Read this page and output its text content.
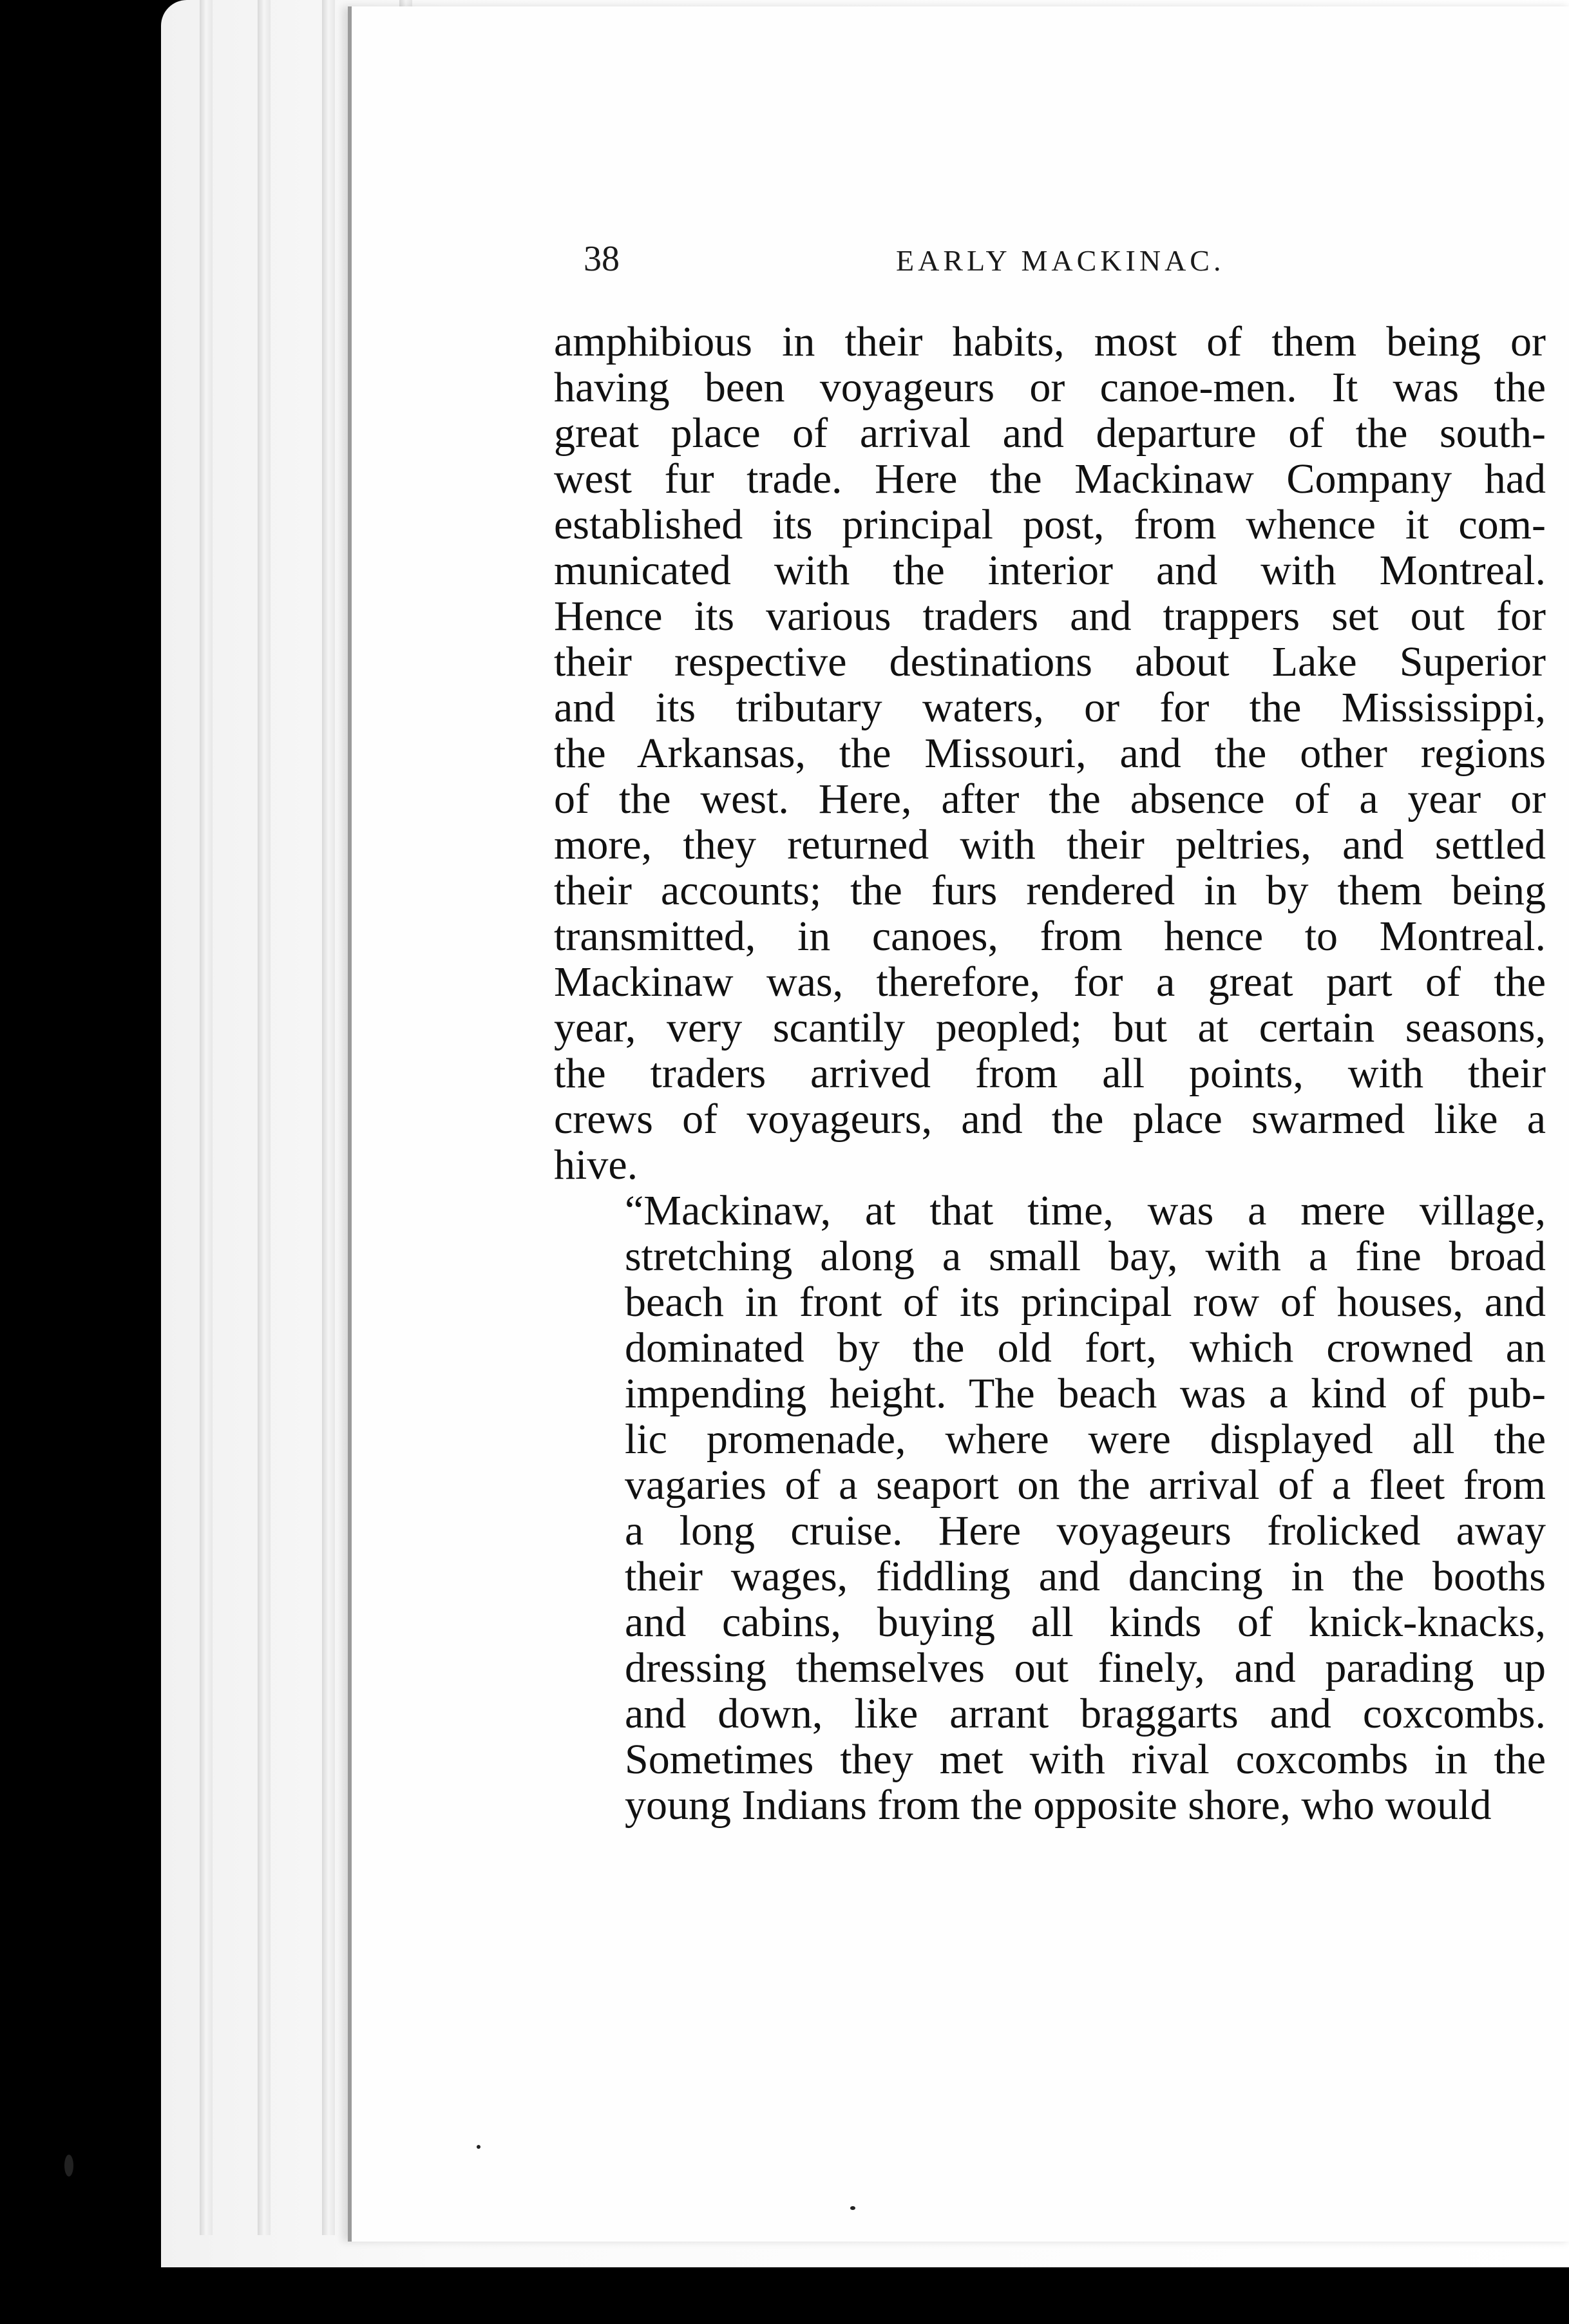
38	EARLY MACKINAC.

amphibious in their habits, most of them being or
having been voyageurs or canoe-men. It was the
great place of arrival and departure of the south-
west fur trade. Here the Mackinaw Company had
established its principal post, from whence it com-
municated with the interior and with Montreal.
Hence its various traders and trappers set out for
their respective destinations about Lake Superior
and its tributary waters, or for the Mississippi,
the Arkansas, the Missouri, and the other regions
of the west. Here, after the absence of a year or
more, they returned with their peltries, and settled
their accounts; the furs rendered in by them being
transmitted, in canoes, from hence to Montreal.
Mackinaw was, therefore, for a great part of the
year, very scantily peopled; but at certain seasons,
the traders arrived from all points, with their
crews of voyageurs, and the place swarmed like a
hive.

“Mackinaw, at that time, was a mere village,
stretching along a small bay, with a fine broad
beach in front of its principal row of houses, and
dominated by the old fort, which crowned an
impending height. The beach was a kind of pub-
lic promenade, where were displayed all the
vagaries of a seaport on the arrival of a fleet from
a long cruise. Here voyageurs frolicked away
their wages, fiddling and dancing in the booths
and cabins, buying all kinds of knick-knacks,
dressing themselves out finely, and parading up
and down, like arrant braggarts and coxcombs.
Sometimes they met with rival coxcombs in the
young Indians from the opposite shore, who would
